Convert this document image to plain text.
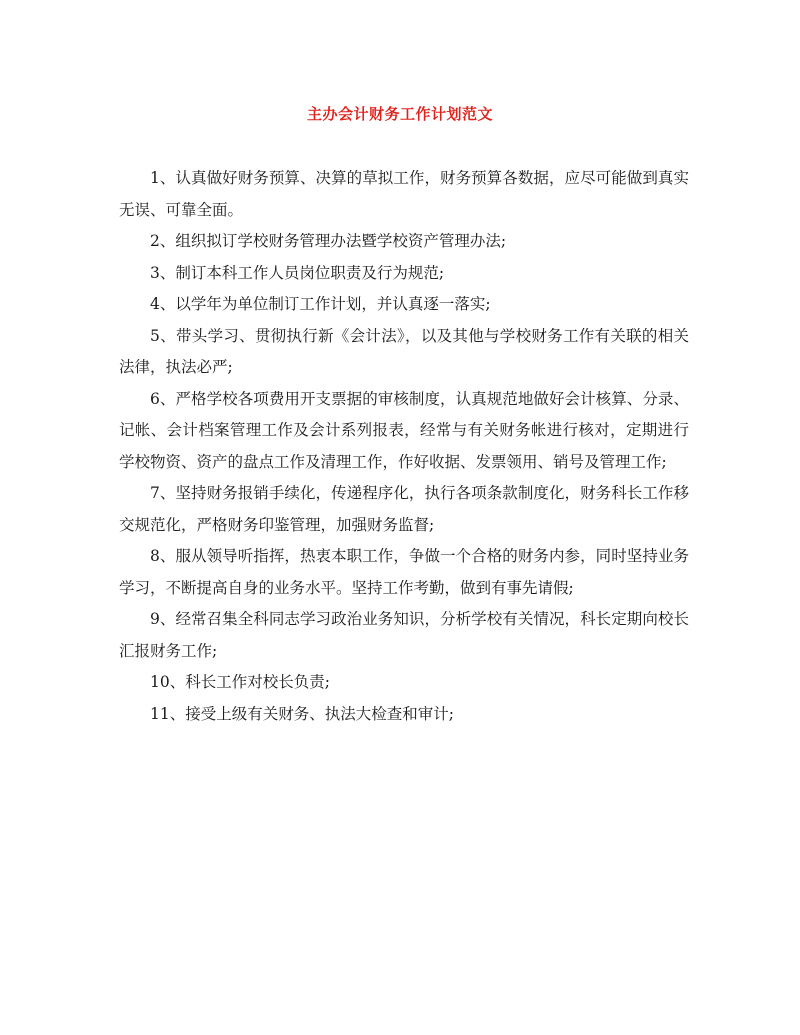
主办会计财务工作计划范文

1、认真做好财务预算、决算的草拟工作，财务预算各数据，应尽可能做到真实无误、可靠全面。

2、组织拟订学校财务管理办法暨学校资产管理办法;

3、制订本科工作人员岗位职责及行为规范;

4、以学年为单位制订工作计划，并认真逐一落实;

5、带头学习、贯彻执行新《会计法》，以及其他与学校财务工作有关联的相关法律，执法必严;

6、严格学校各项费用开支票据的审核制度，认真规范地做好会计核算、分录、记帐、会计档案管理工作及会计系列报表，经常与有关财务帐进行核对，定期进行学校物资、资产的盘点工作及清理工作，作好收据、发票领用、销号及管理工作;

7、坚持财务报销手续化，传递程序化，执行各项条款制度化，财务科长工作移交规范化，严格财务印鉴管理，加强财务监督;

8、服从领导听指挥，热衷本职工作，争做一个合格的财务内参，同时坚持业务学习，不断提高自身的业务水平。坚持工作考勤，做到有事先请假;

9、经常召集全科同志学习政治业务知识，分析学校有关情况，科长定期向校长汇报财务工作;

10、科长工作对校长负责;

11、接受上级有关财务、执法大检查和审计;
